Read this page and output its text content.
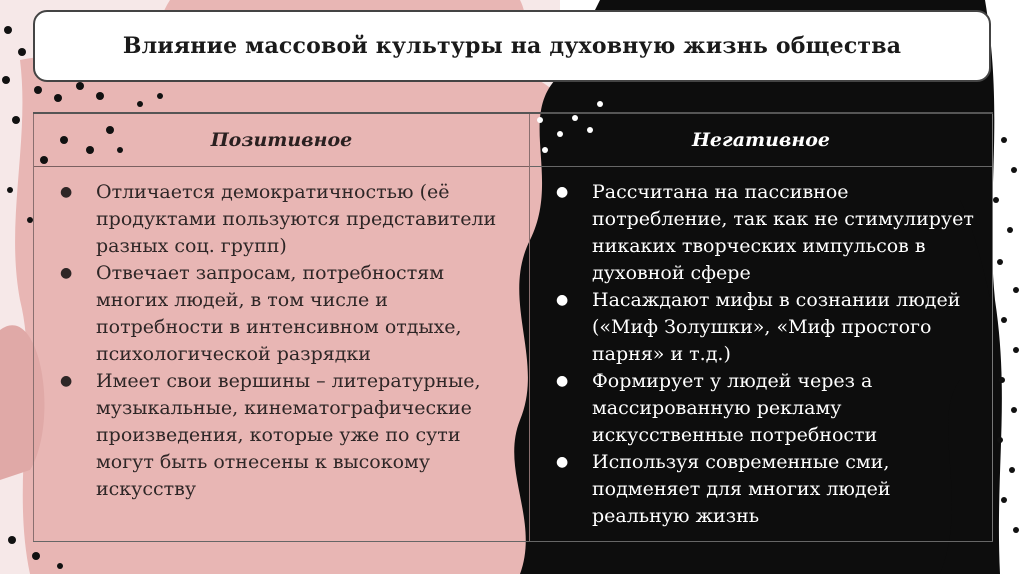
Влияние массовой культуры на духовную жизнь общества
Позитивное
● Отличается демократичностью (её продуктами пользуются представители разных соц. групп)
● Отвечает запросам, потребностям многих людей, в том числе и потребности в интенсивном отдыхе, психологической разрядки
● Имеет свои вершины – литературные, музыкальные, кинематографические произведения, которые уже по сути могут быть отнесены к высокому искусству
Негативное
● Рассчитана на пассивное потребление, так как не стимулирует никаких творческих импульсов в духовной сфере
● Насаждают мифы в сознании людей («Миф Золушки», «Миф простого парня» и т.д.)
● Формирует у людей через а массированную рекламу искусственные потребности
● Используя современные сми, подменяет для многих людей реальную жизнь
